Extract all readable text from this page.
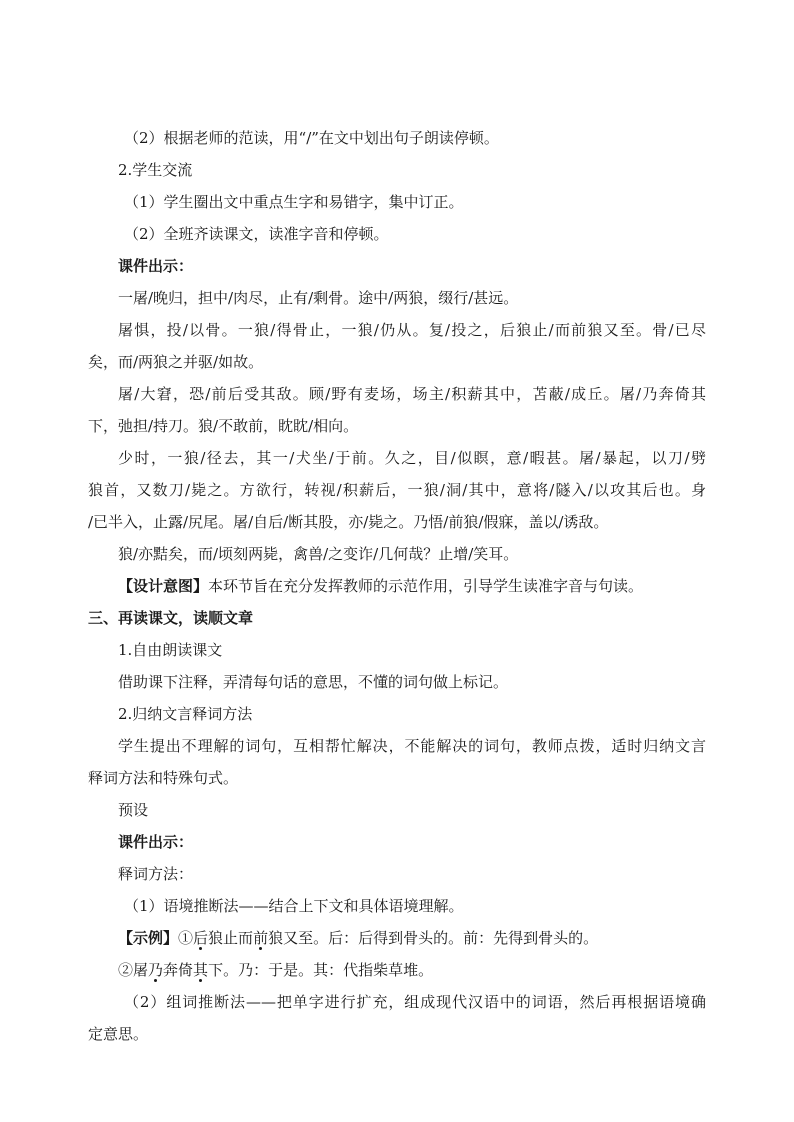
（2）根据老师的范读，用“/”在文中划出句子朗读停顿。
2.学生交流
（1）学生圈出文中重点生字和易错字，集中订正。
（2）全班齐读课文，读准字音和停顿。
课件出示：
一屠/晚归，担中/肉尽，止有/剩骨。途中/两狼，缀行/甚远。
屠惧，投/以骨。一狼/得骨止，一狼/仍从。复/投之，后狼止/而前狼又至。骨/已尽
矣，而/两狼之并驱/如故。
屠/大窘，恐/前后受其敌。顾/野有麦场，场主/积薪其中，苫蔽/成丘。屠/乃奔倚其
下，弛担/持刀。狼/不敢前，眈眈/相向。
少时，一狼/径去，其一/犬坐/于前。久之，目/似瞑，意/暇甚。屠/暴起，以刀/劈
狼首，又数刀/毙之。方欲行，转视/积薪后，一狼/洞/其中，意将/隧入/以攻其后也。身
/已半入，止露/尻尾。屠/自后/断其股，亦/毙之。乃悟/前狼/假寐，盖以/诱敌。
狼/亦黠矣，而/顷刻两毙，禽兽/之变诈/几何哉？止增/笑耳。
【设计意图】本环节旨在充分发挥教师的示范作用，引导学生读准字音与句读。
三、再读课文，读顺文章
1.自由朗读课文
借助课下注释，弄清每句话的意思，不懂的词句做上标记。
2.归纳文言释词方法
学生提出不理解的词句，互相帮忙解决，不能解决的词句，教师点拨，适时归纳文言
释词方法和特殊句式。
预设
课件出示：
释词方法：
（1）语境推断法——结合上下文和具体语境理解。
【示例】①后狼止而前狼又至。后：后得到骨头的。前：先得到骨头的。
②屠乃奔倚其下。乃：于是。其：代指柴草堆。
（2）组词推断法——把单字进行扩充，组成现代汉语中的词语，然后再根据语境确
定意思。
